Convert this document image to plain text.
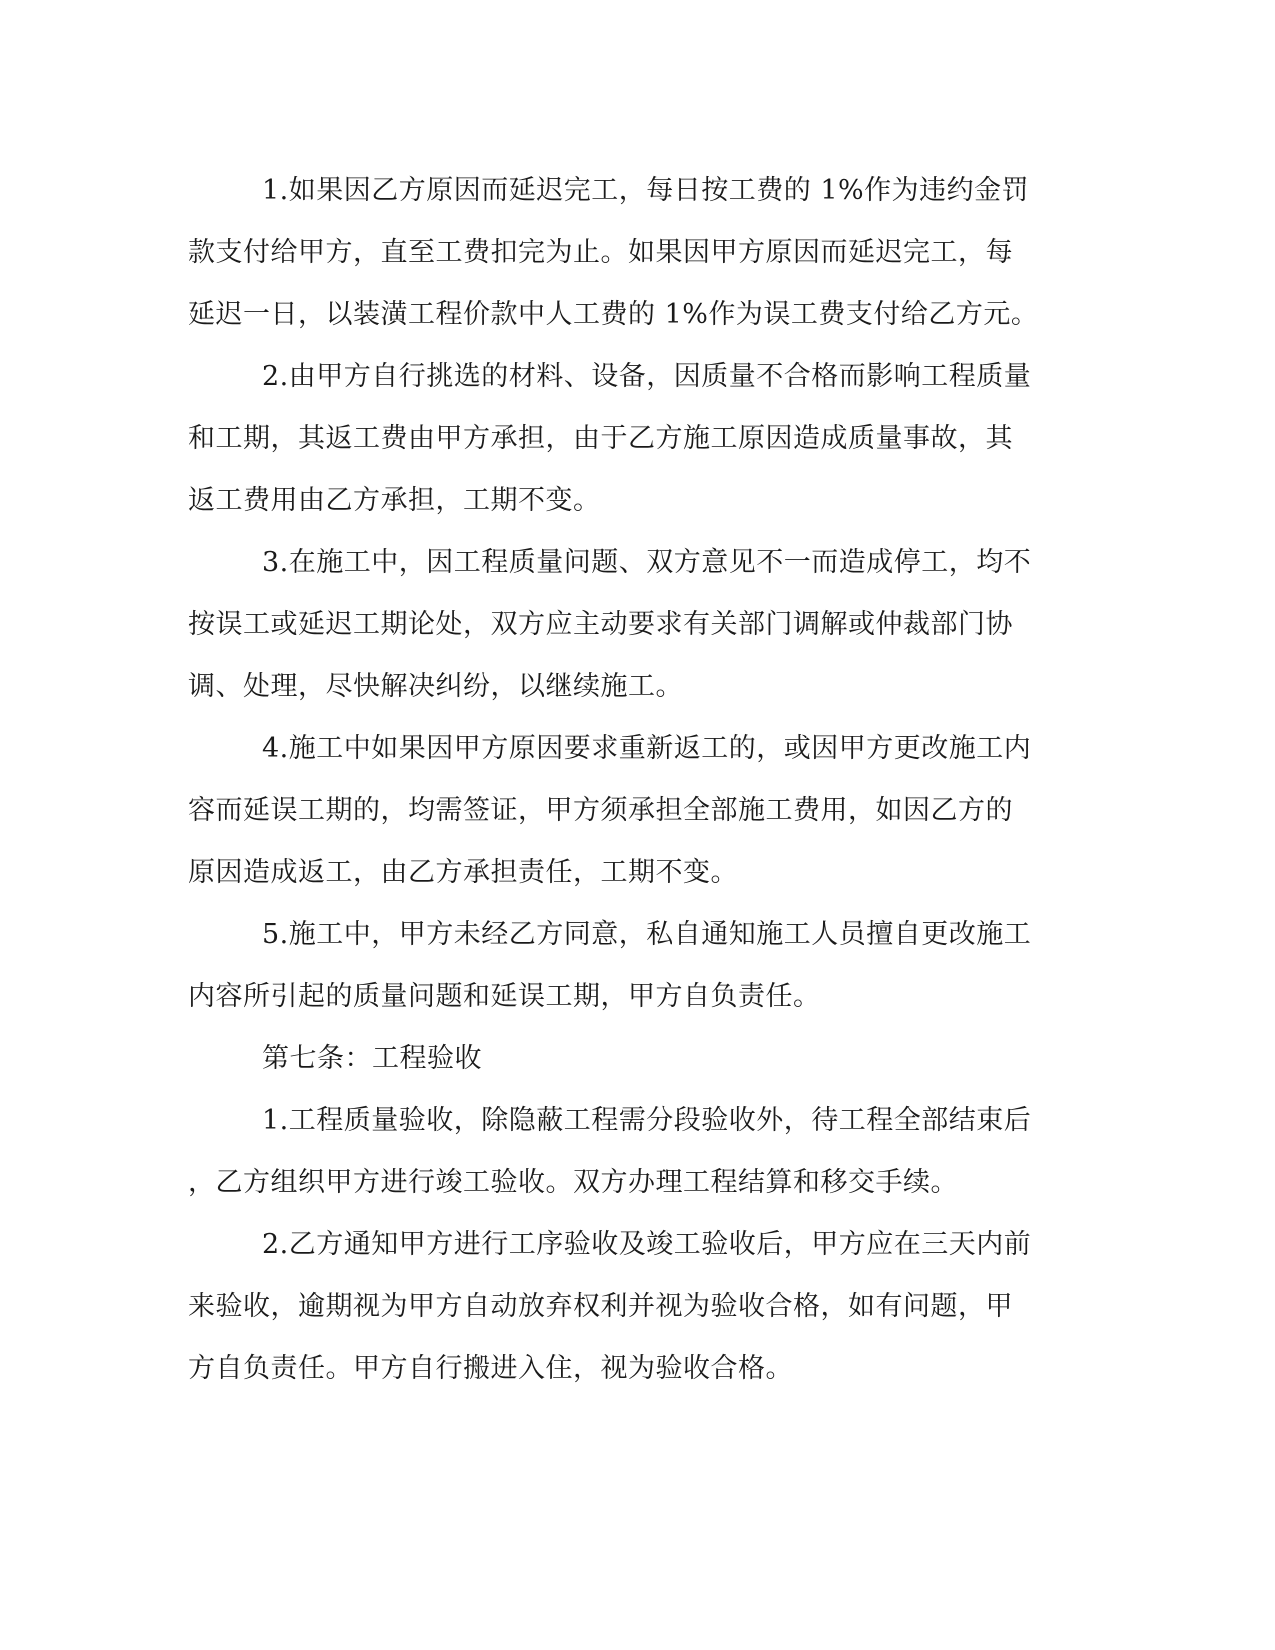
1.如果因乙方原因而延迟完工，每日按工费的 1%作为违约金罚
款支付给甲方，直至工费扣完为止。如果因甲方原因而延迟完工，每
延迟一日，以装潢工程价款中人工费的 1%作为误工费支付给乙方元。
2.由甲方自行挑选的材料、设备，因质量不合格而影响工程质量
和工期，其返工费由甲方承担，由于乙方施工原因造成质量事故，其
返工费用由乙方承担，工期不变。
3.在施工中，因工程质量问题、双方意见不一而造成停工，均不
按误工或延迟工期论处，双方应主动要求有关部门调解或仲裁部门协
调、处理，尽快解决纠纷，以继续施工。
4.施工中如果因甲方原因要求重新返工的，或因甲方更改施工内
容而延误工期的，均需签证，甲方须承担全部施工费用，如因乙方的
原因造成返工，由乙方承担责任，工期不变。
5.施工中，甲方未经乙方同意，私自通知施工人员擅自更改施工
内容所引起的质量问题和延误工期，甲方自负责任。
第七条：工程验收
1.工程质量验收，除隐蔽工程需分段验收外，待工程全部结束后
，乙方组织甲方进行竣工验收。双方办理工程结算和移交手续。
2.乙方通知甲方进行工序验收及竣工验收后，甲方应在三天内前
来验收，逾期视为甲方自动放弃权利并视为验收合格，如有问题，甲
方自负责任。甲方自行搬进入住，视为验收合格。
